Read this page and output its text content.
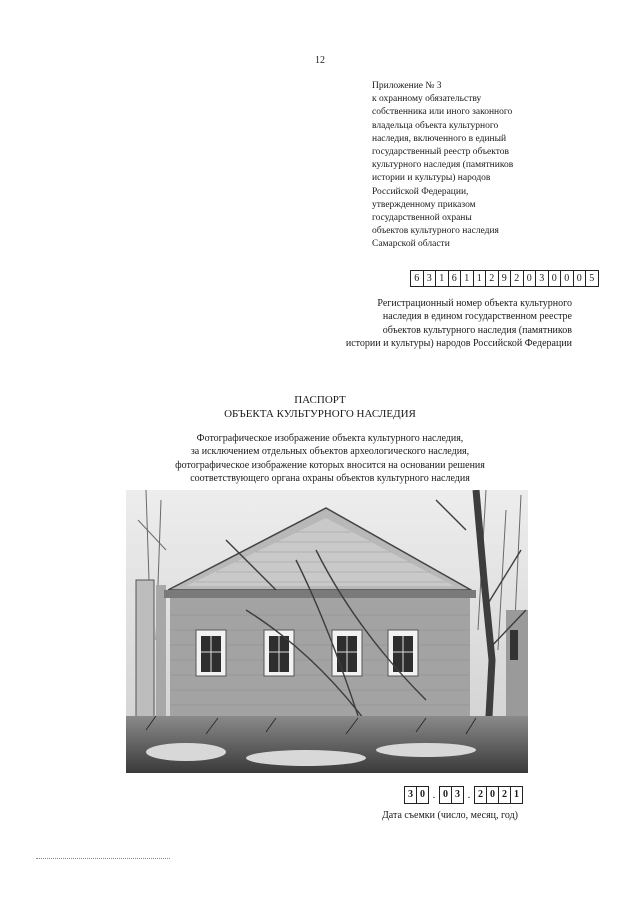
12
Приложение № 3
к охранному обязательству
собственника или иного законного
владельца объекта культурного
наследия, включенного в единый
государственный реестр объектов
культурного наследия (памятников
истории и культуры) народов
Российской Федерации,
утвержденному приказом
государственной охраны
объектов культурного наследия
Самарской области
6 3 1 6 1 1 2 9 2 0 3 0 0 0 5
Регистрационный номер объекта культурного
наследия в едином государственном реестре
объектов культурного наследия (памятников
истории и культуры) народов Российской Федерации
ПАСПОРТ
ОБЪЕКТА КУЛЬТУРНОГО НАСЛЕДИЯ
Фотографическое изображение объекта культурного наследия,
за исключением отдельных объектов археологического наследия,
фотографическое изображение которых вносится на основании решения
соответствующего органа охраны объектов культурного наследия
3 0 . 0 3 . 2 0 2 1
Дата съемки (число, месяц, год)
